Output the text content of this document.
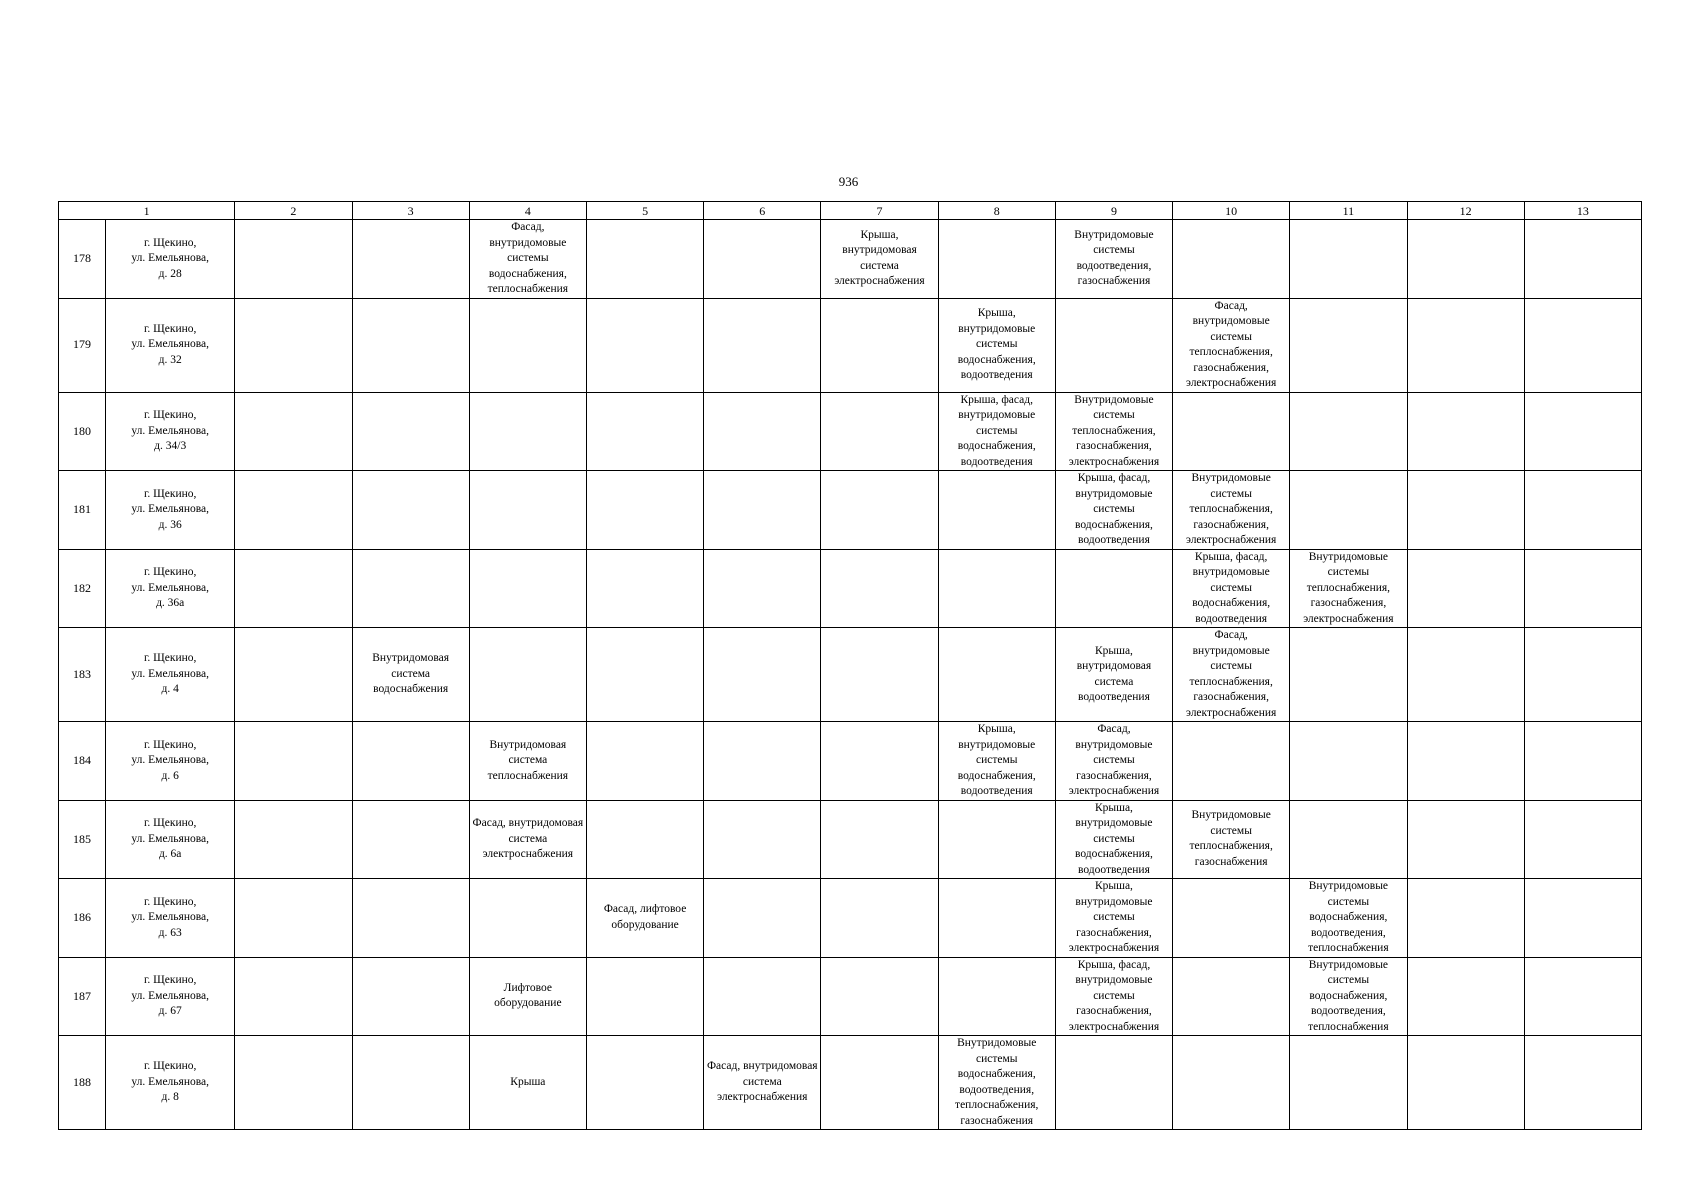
936
1		2	3	4	5	6	7	8	9	10	11	12	13
178	г. Щекино,
ул. Емельянова,
д. 28			Фасад, внутридомовые системы водоснабжения, теплоснабжения			Крыша, внутридомовая система электроснабжения		Внутридомовые системы водоотведения, газоснабжения				

179	г. Щекино,
ул. Емельянова,
д. 32							Крыша, внутридомовые системы водоснабжения, водоотведения		Фасад, внутридомовые системы теплоснабжения, газоснабжения, электроснабжения			

180	г. Щекино,
ул. Емельянова,
д. 34/3							Крыша, фасад, внутридомовые системы водоснабжения, водоотведения	Внутридомовые системы теплоснабжения, газоснабжения, электроснабжения				

181	г. Щекино,
ул. Емельянова,
д. 36								Крыша, фасад, внутридомовые системы водоснабжения, водоотведения	Внутридомовые системы теплоснабжения, газоснабжения, электроснабжения			

182	г. Щекино,
ул. Емельянова,
д. 36а									Крыша, фасад, внутридомовые системы водоснабжения, водоотведения	Внутридомовые системы теплоснабжения, газоснабжения, электроснабжения		

183	г. Щекино,
ул. Емельянова,
д. 4		Внутридомовая система водоснабжения						Крыша, внутридомовая система водоотведения	Фасад, внутридомовые системы теплоснабжения, газоснабжения, электроснабжения			

184	г. Щекино,
ул. Емельянова,
д. 6			Внутридомовая система теплоснабжения				Крыша, внутридомовые системы водоснабжения, водоотведения	Фасад, внутридомовые системы газоснабжения, электроснабжения				

185	г. Щекино,
ул. Емельянова,
д. 6а			Фасад, внутридомовая система электроснабжения					Крыша, внутридомовые системы водоснабжения, водоотведения	Внутридомовые системы теплоснабжения, газоснабжения			

186	г. Щекино,
ул. Емельянова,
д. 63				Фасад, лифтовое оборудование				Крыша, внутридомовые системы газоснабжения, электроснабжения		Внутридомовые системы водоснабжения, водоотведения, теплоснабжения		

187	г. Щекино,
ул. Емельянова,
д. 67			Лифтовое оборудование					Крыша, фасад, внутридомовые системы газоснабжения, электроснабжения		Внутридомовые системы водоснабжения, водоотведения, теплоснабжения		

188	г. Щекино,
ул. Емельянова,
д. 8			Крыша		Фасад, внутридомовая система электроснабжения		Внутридомовые системы водоснабжения, водоотведения, теплоснабжения, газоснабжения					
